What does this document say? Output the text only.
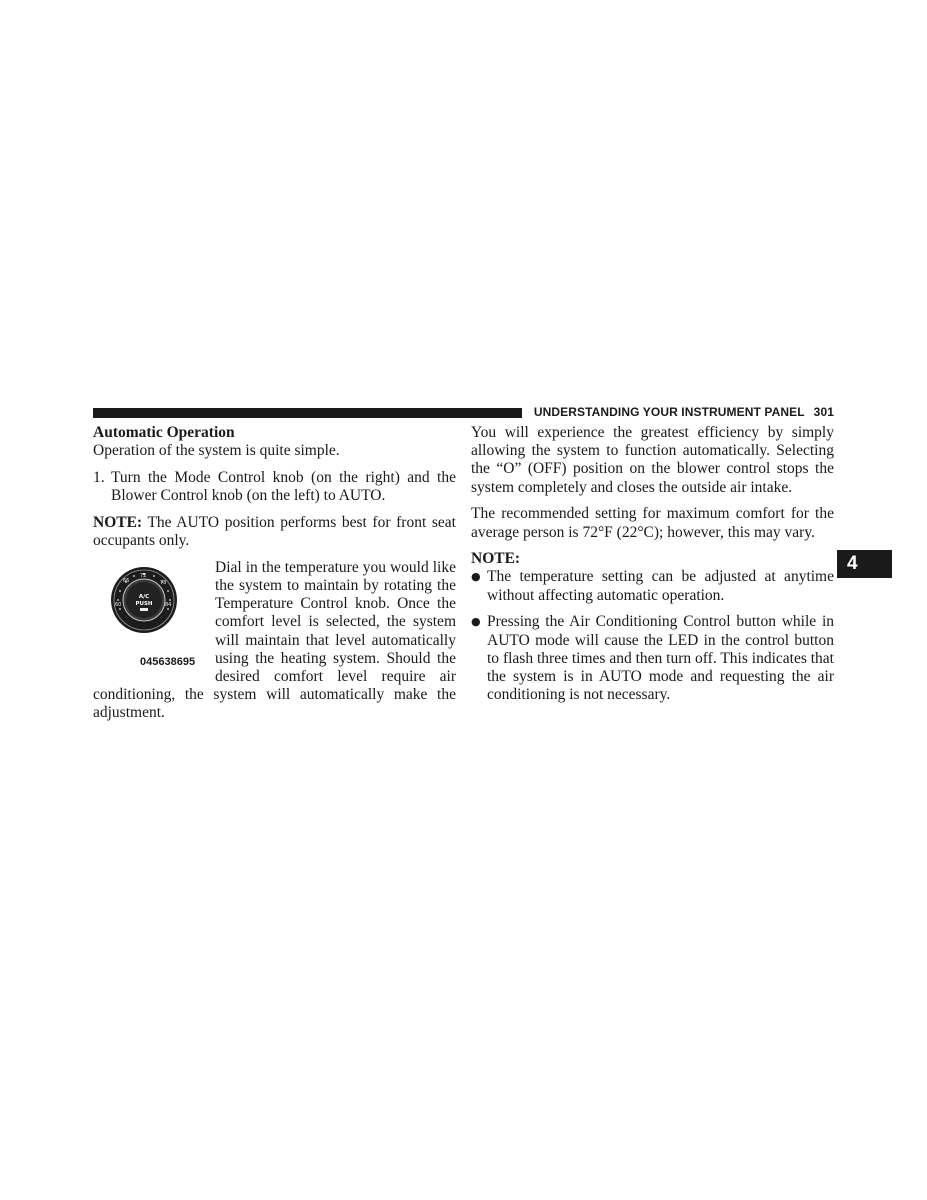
UNDERSTANDING YOUR INSTRUMENT PANEL 301
4

Automatic Operation

Operation of the system is quite simple.

1. Turn the Mode Control knob (on the right) and the Blower Control knob (on the left) to AUTO.

NOTE: The AUTO position performs best for front seat occupants only.

60
66
72
78
84
A/C
PUSH
045638695

Dial in the temperature you would like the system to maintain by rotating the Temperature Control knob. Once the comfort level is selected, the system will maintain that level automatically using the heating system. Should the desired comfort level require air conditioning, the system will automatically make the adjustment.

You will experience the greatest efficiency by simply allowing the system to function automatically. Selecting the “O” (OFF) position on the blower control stops the system completely and closes the outside air intake.

The recommended setting for maximum comfort for the average person is 72°F (22°C); however, this may vary.

NOTE:

● The temperature setting can be adjusted at anytime without affecting automatic operation.
● Pressing the Air Conditioning Control button while in AUTO mode will cause the LED in the control button to flash three times and then turn off. This indicates that the system is in AUTO mode and requesting the air conditioning is not necessary.
